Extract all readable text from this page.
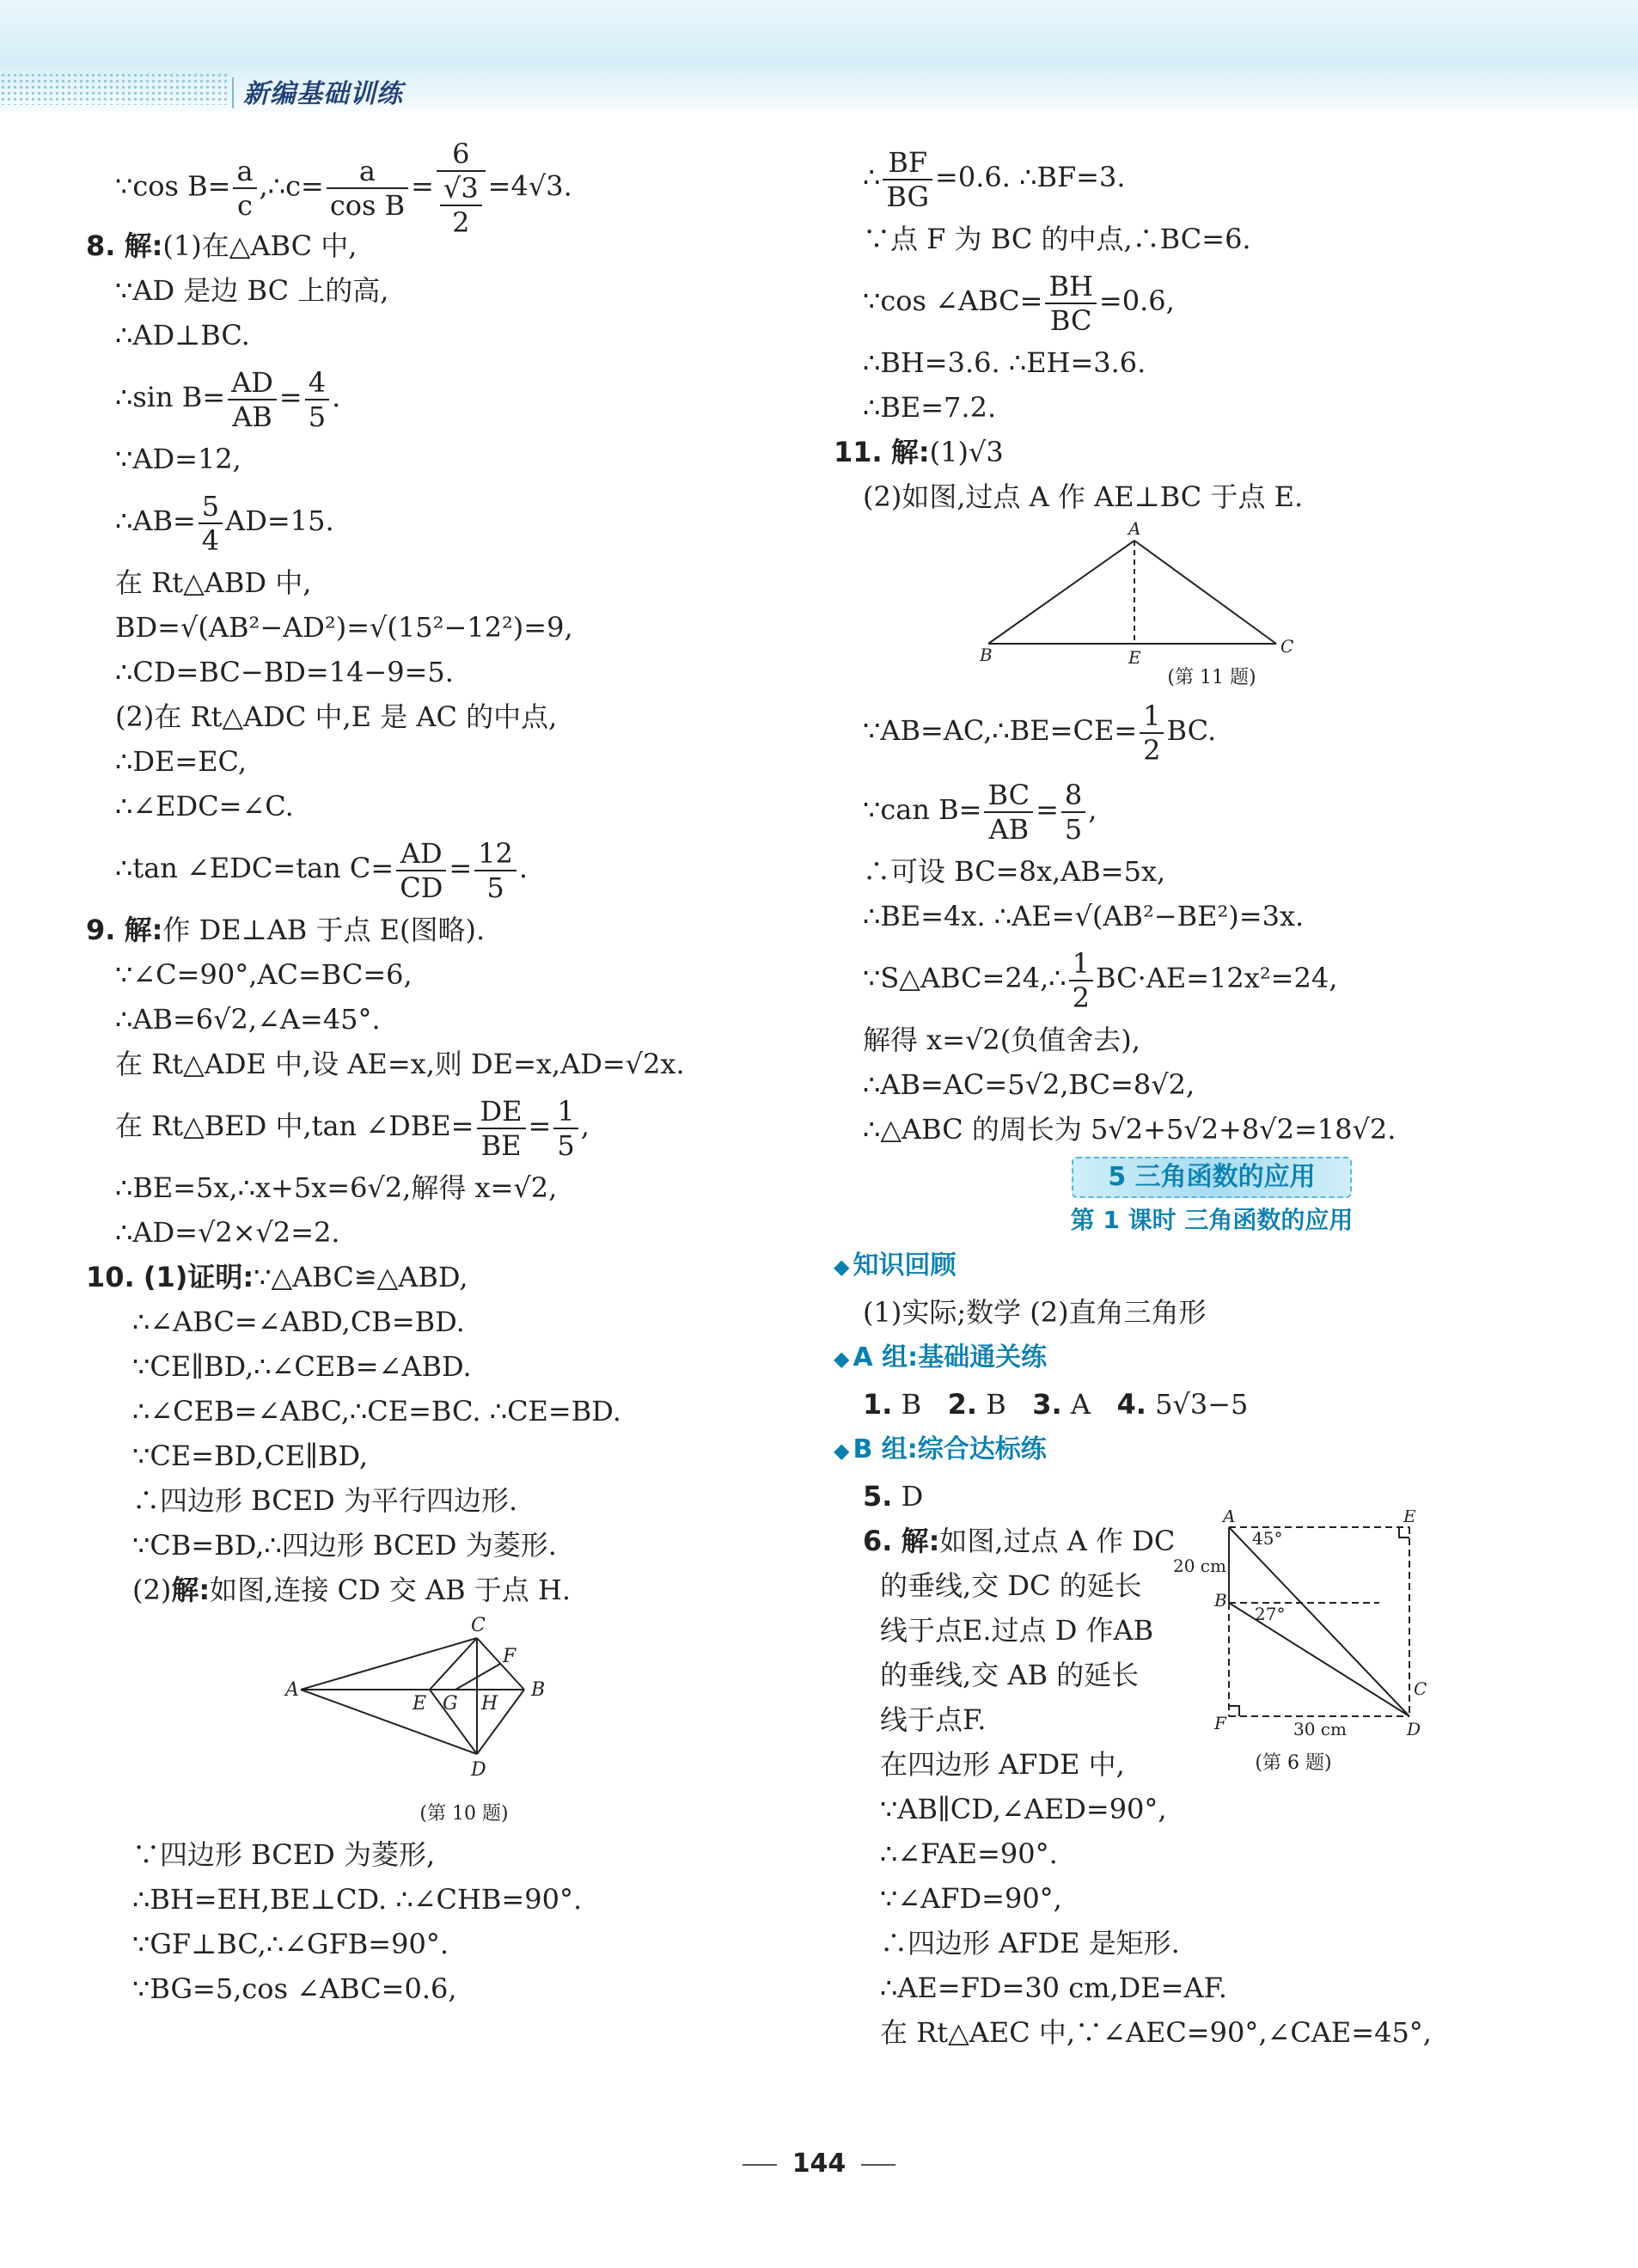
新编基础训练
∵cos $B= \frac{a}{c}$ ,∴c= $\frac{a}{\text{cos B}} = \frac{6}{\frac{√3}{2}} =4√3$.
8. 解:(1)在△ABC 中,
∵AD 是边 BC 上的高,
∴AD⊥BC.
∴sin $B= \frac{AD}{AB} = \frac{4}{5}$ .
∵AD=12,
∴AB= $\frac{5}{4} AD=15$.
在 Rt△ABD 中,
BD=√(AB²−AD²)=√(15²−12²)=9,
∴CD=BC−BD=14−9=5.
(2)在 Rt△ADC 中,E 是 AC 的中点,
∴DE=EC,
∴∠EDC=∠C.
∴tan ∠EDC=tan $C= \frac{AD}{CD} = \frac{12}{5}$ .
9. 解:作 DE⊥AB 于点 E(图略).
∵∠C=90°,AC=BC=6,
∴AB=6√2,∠A=45°.
在 Rt△ADE 中,设 AE=x,则 DE=x,AD=√2x.
在 Rt△BED 中,tan ∠DBE= $\frac{DE}{BE} = \frac{1}{5}$ ,
∴BE=5x,∴x+5x=6√2,解得 x=√2,
∴AD=√2×√2=2.
10. (1)证明:∵△ABC≌△ABD,
∴∠ABC=∠ABD,CB=BD.
∵CE∥BD,∴∠CEB=∠ABD.
∴∠CEB=∠ABC,∴CE=BC. ∴CE=BD.
∵CE=BD,CE∥BD,
∴四边形 BCED 为平行四边形.
∵CB=BD,∴四边形 BCED 为菱形.
(2)解:如图,连接 CD 交 AB 于点 H.
A	B
C
D
E
F
G H
(第 10 题)
∵四边形 BCED 为菱形,
∴BH=EH,BE⊥CD. ∴∠CHB=90°.
∵GF⊥BC,∴∠GFB=90°.
∵BG=5,cos ∠ABC=0.6,
∴ $\frac{BF}{BG} =0.6$. ∴BF=3.
∵点 F 为 BC 的中点,∴BC=6.
∵cos ∠ABC= $\frac{BH}{BC} =0.6$,
∴BH=3.6. ∴EH=3.6.
∴BE=7.2.
11. 解:(1)√3
(2)如图,过点 A 作 AE⊥BC 于点 E.
A
B	C
E
(第 11 题)
∵AB=AC,∴BE=CE= $\frac{1}{2}$ BC.
∵can $B= \frac{BC}{AB} = \frac{8}{5}$ ,
∴可设 BC=8x,AB=5x,
∴BE=4x. ∴AE=√(AB²−BE²)=3x.
∵S△ABC=24,∴ $\frac{1}{2} BC\cdot AE=12x^2=24$,
解得 x=√2(负值舍去),
∴AB=AC=5√2,BC=8√2,
∴△ABC 的周长为 5√2+5√2+8√2=18√2.
5 三角函数的应用
第 1 课时 三角函数的应用
◆ 知识回顾
(1)实际;数学 (2)直角三角形
◆ A 组:基础通关练
1. B 2. B 3. A 4. 5√3−5
◆ B 组:综合达标练
5. D
6. 解:如图,过点 A 作 DC
的垂线,交 DC 的延长
线于点E.过点 D 作AB
的垂线,交 AB 的延长
线于点F.
在四边形 AFDE 中,
∵AB∥CD,∠AED=90°,
∴∠FAE=90°.
∵∠AFD=90°,
∴四边形 AFDE 是矩形.
∴AE=FD=30 cm,DE=AF.
在 Rt△AEC 中,∵∠AEC=90°,∠CAE=45°,
A	E
B
C
D
F
45°
27°
20 cm
30 cm
(第 6 题)
144
